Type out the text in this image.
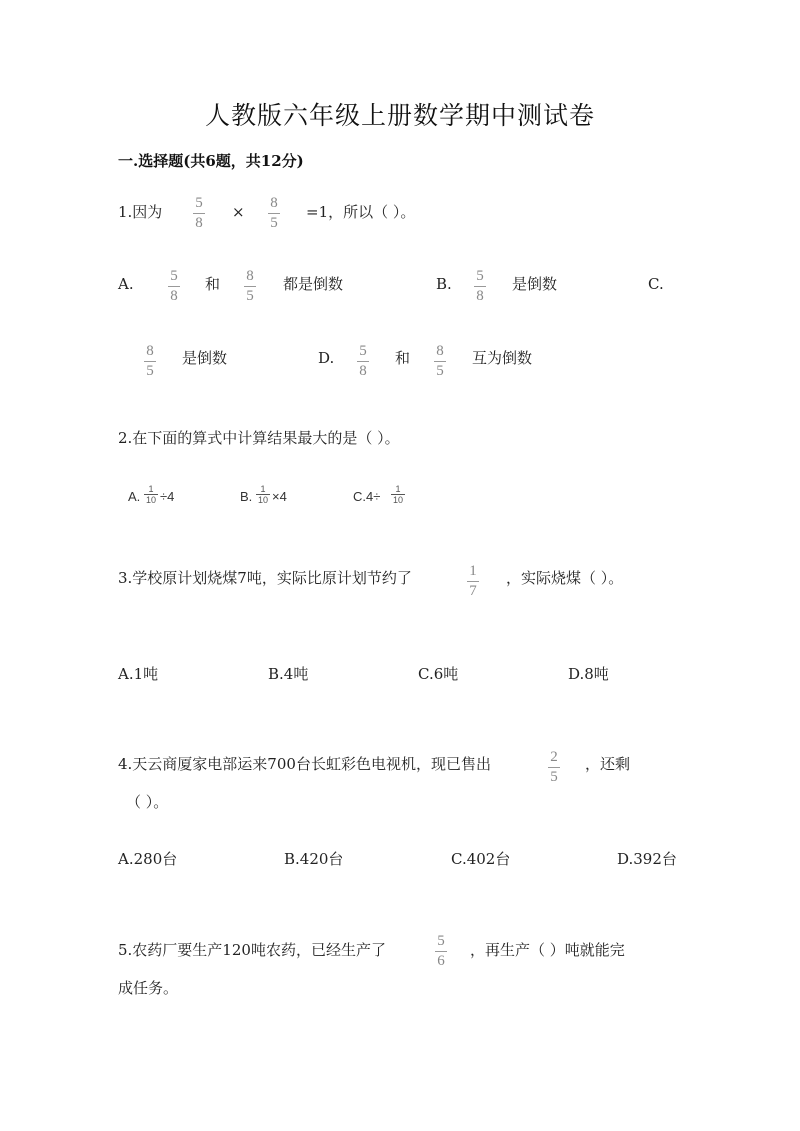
人教版六年级上册数学期中测试卷
一.选择题(共6题，共12分)
1.因为 5
8
× 8
5
=1，所以（ ）。
A. 5
8
和 8
5
都是倒数	B. 5
8
是倒数	C.
8
5
是倒数	D. 5
8
和 8
5
互为倒数
2.在下面的算式中计算结果最大的是（ ）。
A. 1
10 ÷4	B. 1
10 ×4	C.4÷ 1
10
3.学校原计划烧煤7吨，实际比原计划节约了	1
7
，实际烧煤（ ）。
A.1吨	B.4吨	C.6吨	D.8吨
4.天云商厦家电部运来700台长虹彩色电视机，现已售出	2
5
，还剩
（ ）。
A.280台	B.420台	C.402台	D.392台
5.农药厂要生产120吨农药，已经生产了	5
6
，再生产（ ）吨就能完
成任务。
